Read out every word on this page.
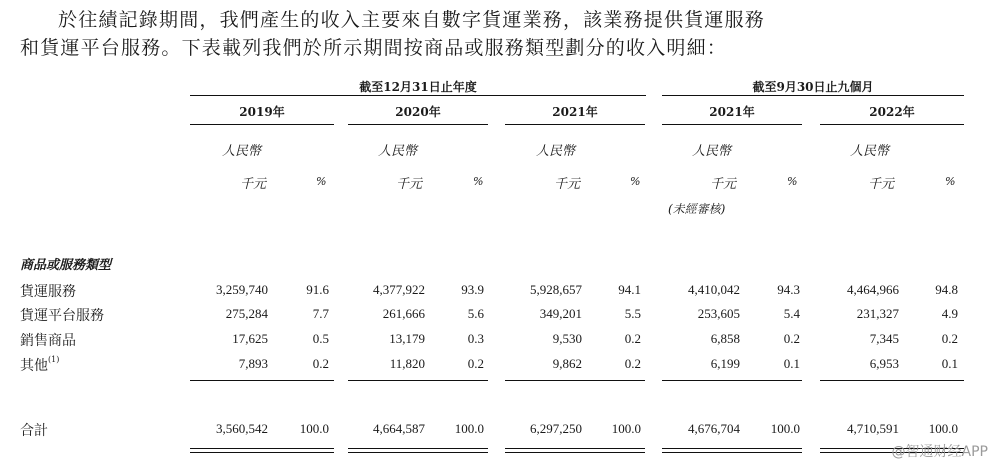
於往績記錄期間，我們產生的收入主要來自數字貨運業務，該業務提供貨運服務

和貨運平台服務。下表載列我們於所示期間按商品或服務類型劃分的收入明細：

截至12月31日止年度	截至9月30日止九個月
2019年	2020年	2021年	2021年	2022年
人民幣	人民幣	人民幣	人民幣	人民幣
千元	%	千元	%	千元	%	千元	%	千元	%
(未經審核)
商品或服務類型
貨運服務	3,259,740	91.6	4,377,922	93.9	5,928,657	94.1	4,410,042	94.3	4,464,966	94.8
貨運平台服務	275,284	7.7	261,666	5.6	349,201	5.5	253,605	5.4	231,327	4.9
銷售商品	17,625	0.5	13,179	0.3	9,530	0.2	6,858	0.2	7,345	0.2
其他$^{(1)}$	7,893	0.2	11,820	0.2	9,862	0.2	6,199	0.1	6,953	0.1
合計	3,560,542	100.0	4,664,587	100.0	6,297,250	100.0	4,676,704	100.0	4,710,591	100.0
@智通财经APP
